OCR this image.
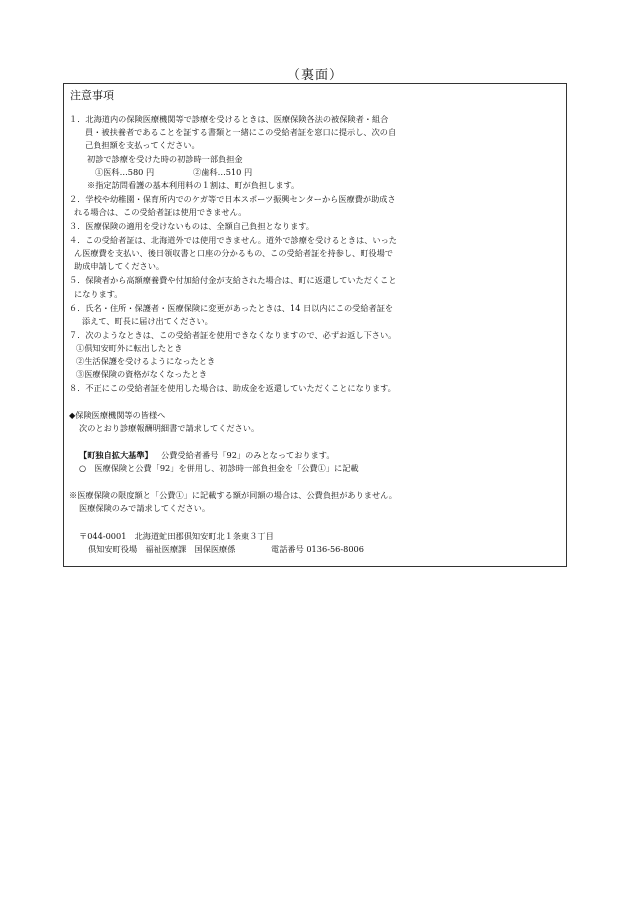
（裏面）
注意事項
１．北海道内の保険医療機関等で診療を受けるときは、医療保険各法の被保険者・組合
員・被扶養者であることを証する書類と一緒にこの受給者証を窓口に提示し、次の自
己負担額を支払ってください。
初診で診療を受けた時の初診時一部負担金
①医科…580 円	②歯科…510 円
※指定訪問看護の基本利用料の１割は、町が負担します。
２．学校や幼稚園・保育所内でのケガ等で日本スポーツ振興センターから医療費が助成さ
れる場合は、この受給者証は使用できません。
３．医療保険の適用を受けないものは、全額自己負担となります。
４．この受給者証は、北海道外では使用できません。道外で診療を受けるときは、いった
ん医療費を支払い、後日領収書と口座の分かるもの、この受給者証を持参し、町役場で
助成申請してください。
５．保険者から高額療養費や付加給付金が支給された場合は、町に返還していただくこと
になります。
６．氏名・住所・保護者・医療保険に変更があったときは、14 日以内にこの受給者証を
添えて、町長に届け出てください。
７．次のようなときは、この受給者証を使用できなくなりますので、必ずお返し下さい。
①倶知安町外に転出したとき
②生活保護を受けるようになったとき
③医療保険の資格がなくなったとき
８．不正にこの受給者証を使用した場合は、助成金を返還していただくことになります。
◆保険医療機関等の皆様へ
次のとおり診療報酬明細書で請求してください。
【町独自拡大基準】 公費受給者番号「92」のみとなっております。
○　医療保険と公費「92」を併用し、初診時一部負担金を「公費①」に記載
※医療保険の限度額と「公費①」に記載する額が同額の場合は、公費負担がありません。
医療保険のみで請求してください。
〒044-0001　北海道虻田郡倶知安町北１条東３丁目
倶知安町役場　福祉医療課　国保医療係	電話番号 0136-56-8006
